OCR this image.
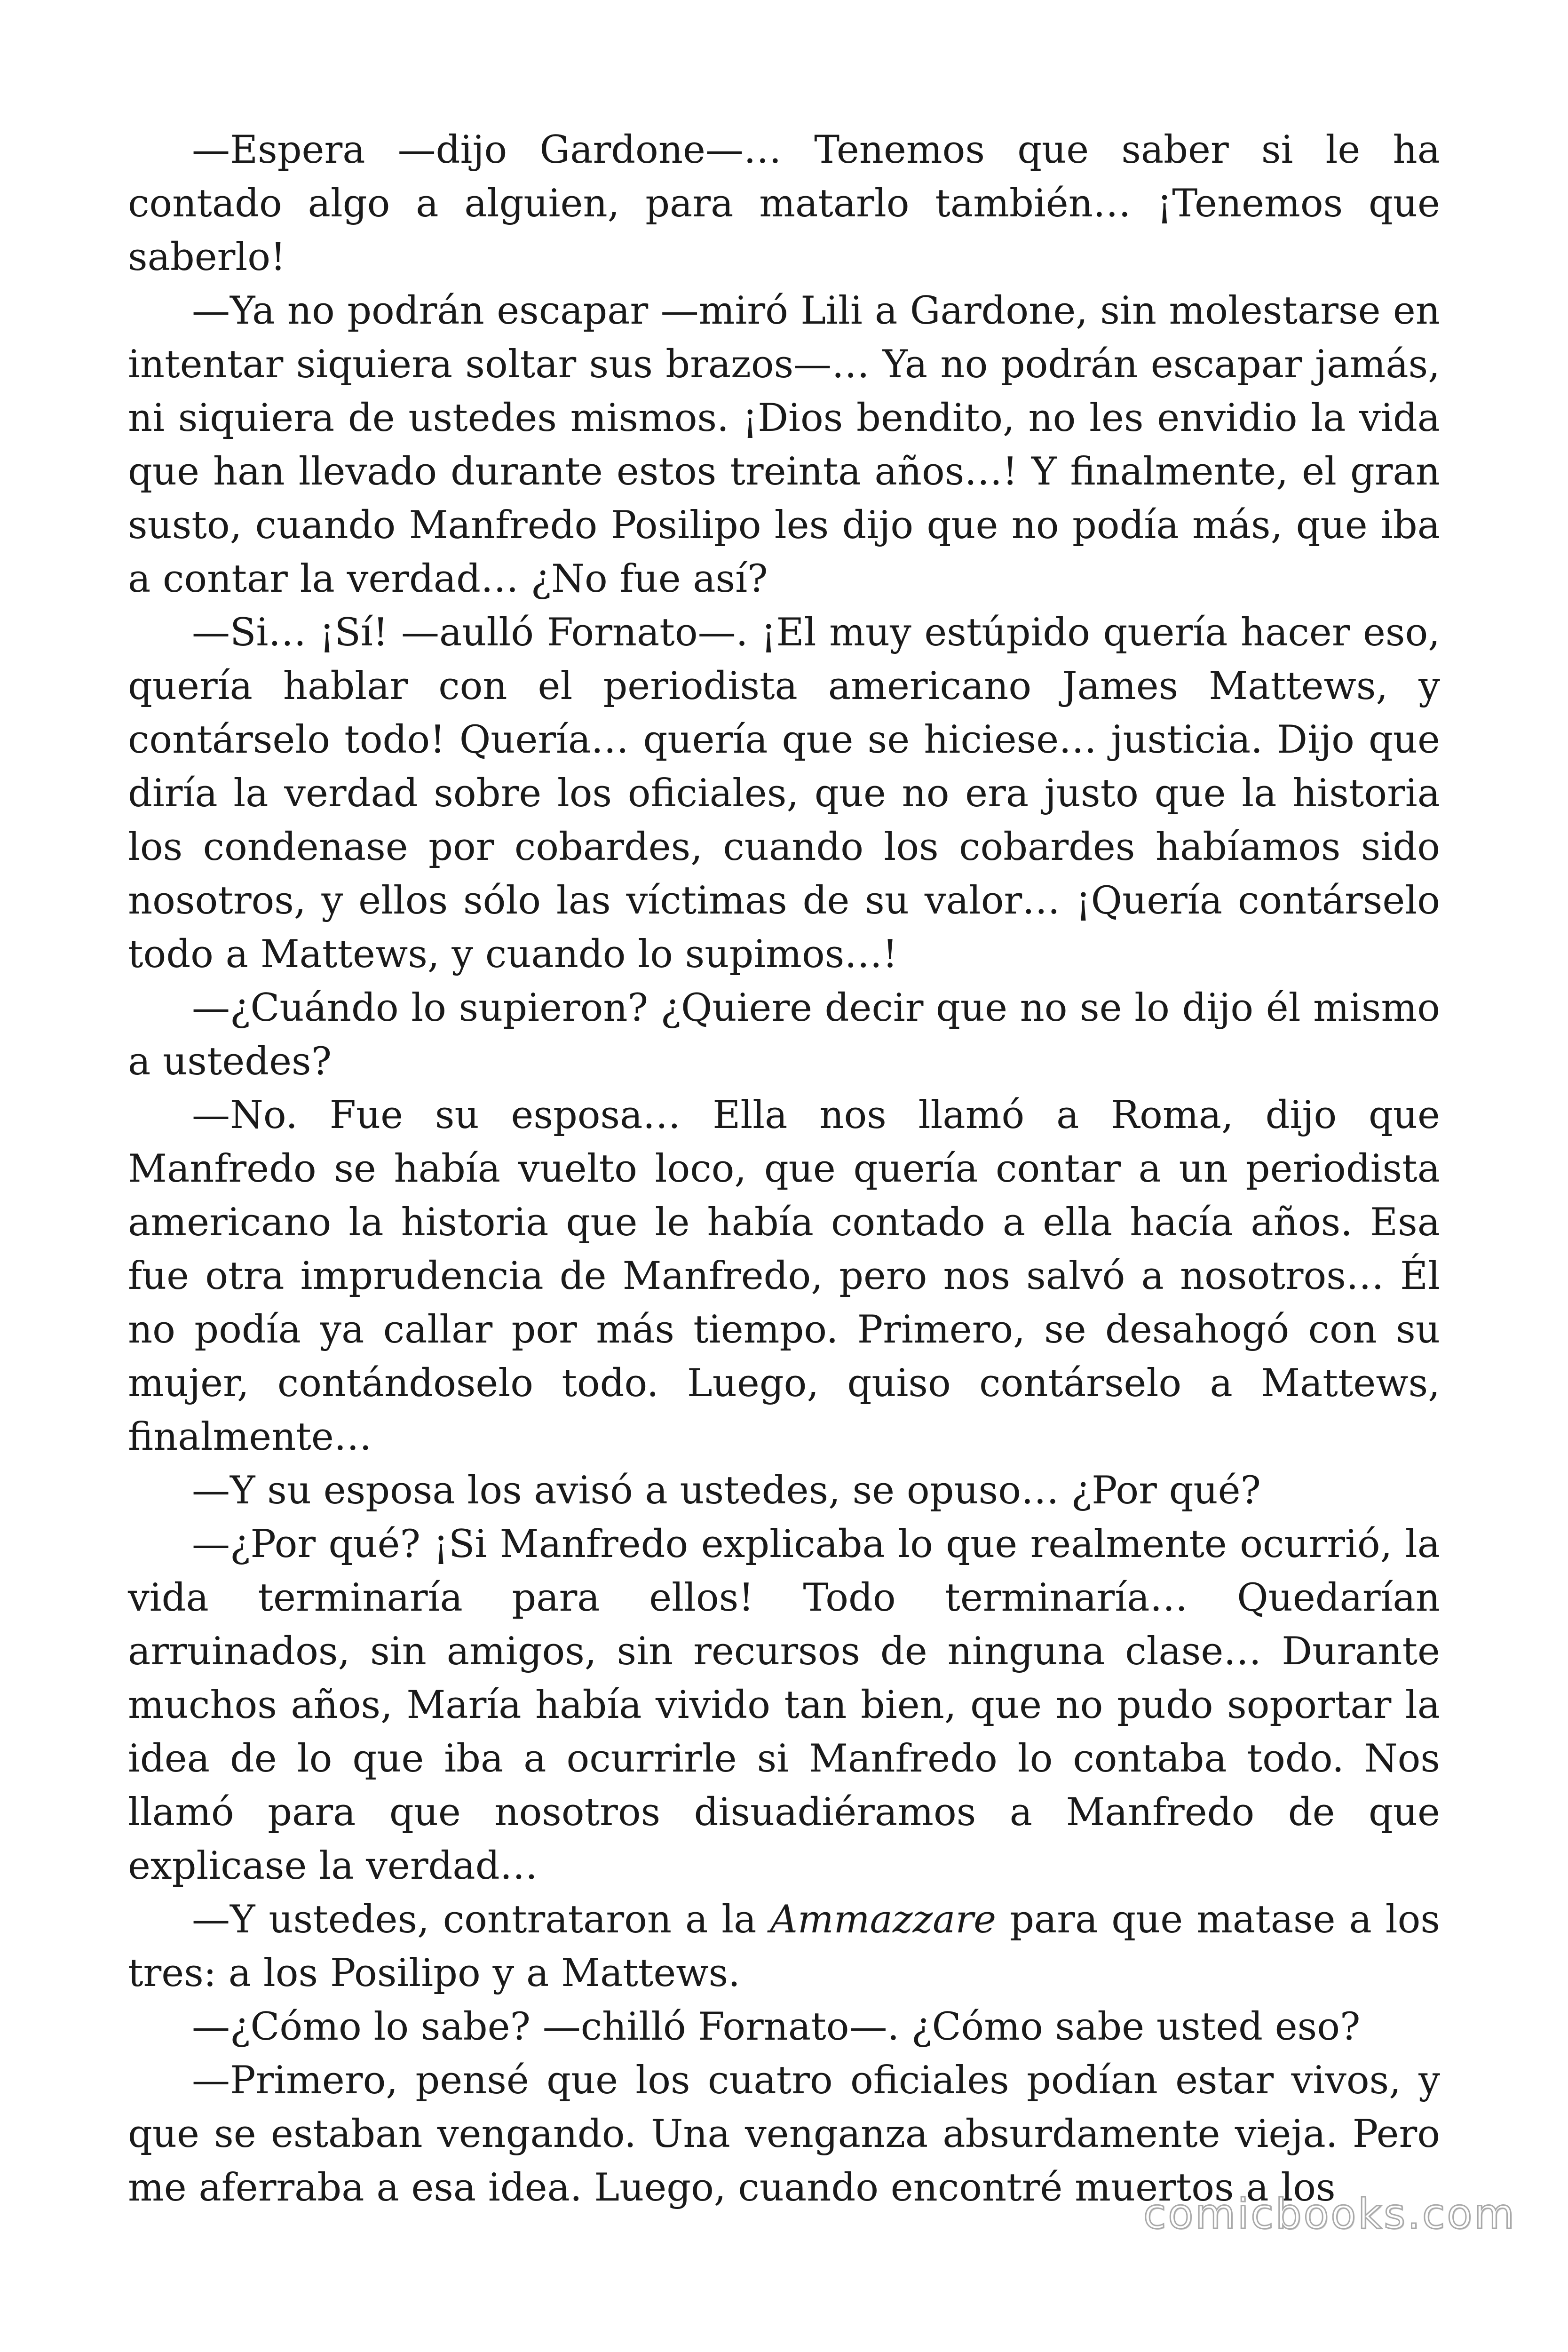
—Espera —dijo Gardone—… Tenemos que saber si le ha contado algo a alguien, para matarlo también… ¡Tenemos que saberlo!

—Ya no podrán escapar —miró Lili a Gardone, sin molestarse en intentar siquiera soltar sus brazos—… Ya no podrán escapar jamás, ni siquiera de ustedes mismos. ¡Dios bendito, no les envidio la vida que han llevado durante estos treinta años…! Y finalmente, el gran susto, cuando Manfredo Posilipo les dijo que no podía más, que iba a contar la verdad… ¿No fue así?

—Si… ¡Sí! —aulló Fornato—. ¡El muy estúpido quería hacer eso, quería hablar con el periodista americano James Mattews, y contárselo todo! Quería… quería que se hiciese… justicia. Dijo que diría la verdad sobre los oficiales, que no era justo que la historia los condenase por cobardes, cuando los cobardes habíamos sido nosotros, y ellos sólo las víctimas de su valor… ¡Quería contárselo todo a Mattews, y cuando lo supimos…!

—¿Cuándo lo supieron? ¿Quiere decir que no se lo dijo él mismo a ustedes?

—No. Fue su esposa… Ella nos llamó a Roma, dijo que Manfredo se había vuelto loco, que quería contar a un periodista americano la historia que le había contado a ella hacía años. Esa fue otra imprudencia de Manfredo, pero nos salvó a nosotros… Él no podía ya callar por más tiempo. Primero, se desahogó con su mujer, contándoselo todo. Luego, quiso contárselo a Mattews, finalmente…

—Y su esposa los avisó a ustedes, se opuso… ¿Por qué?

—¿Por qué? ¡Si Manfredo explicaba lo que realmente ocurrió, la vida terminaría para ellos! Todo terminaría… Quedarían arruinados, sin amigos, sin recursos de ninguna clase… Durante muchos años, María había vivido tan bien, que no pudo soportar la idea de lo que iba a ocurrirle si Manfredo lo contaba todo. Nos llamó para que nosotros disuadiéramos a Manfredo de que explicase la verdad…

—Y ustedes, contrataron a la Ammazzare para que matase a los tres: a los Posilipo y a Mattews.

—¿Cómo lo sabe? —chilló Fornato—. ¿Cómo sabe usted eso?

—Primero, pensé que los cuatro oficiales podían estar vivos, y que se estaban vengando. Una venganza absurdamente vieja. Pero me aferraba a esa idea. Luego, cuando encontré muertos a los

comicbooks.com
